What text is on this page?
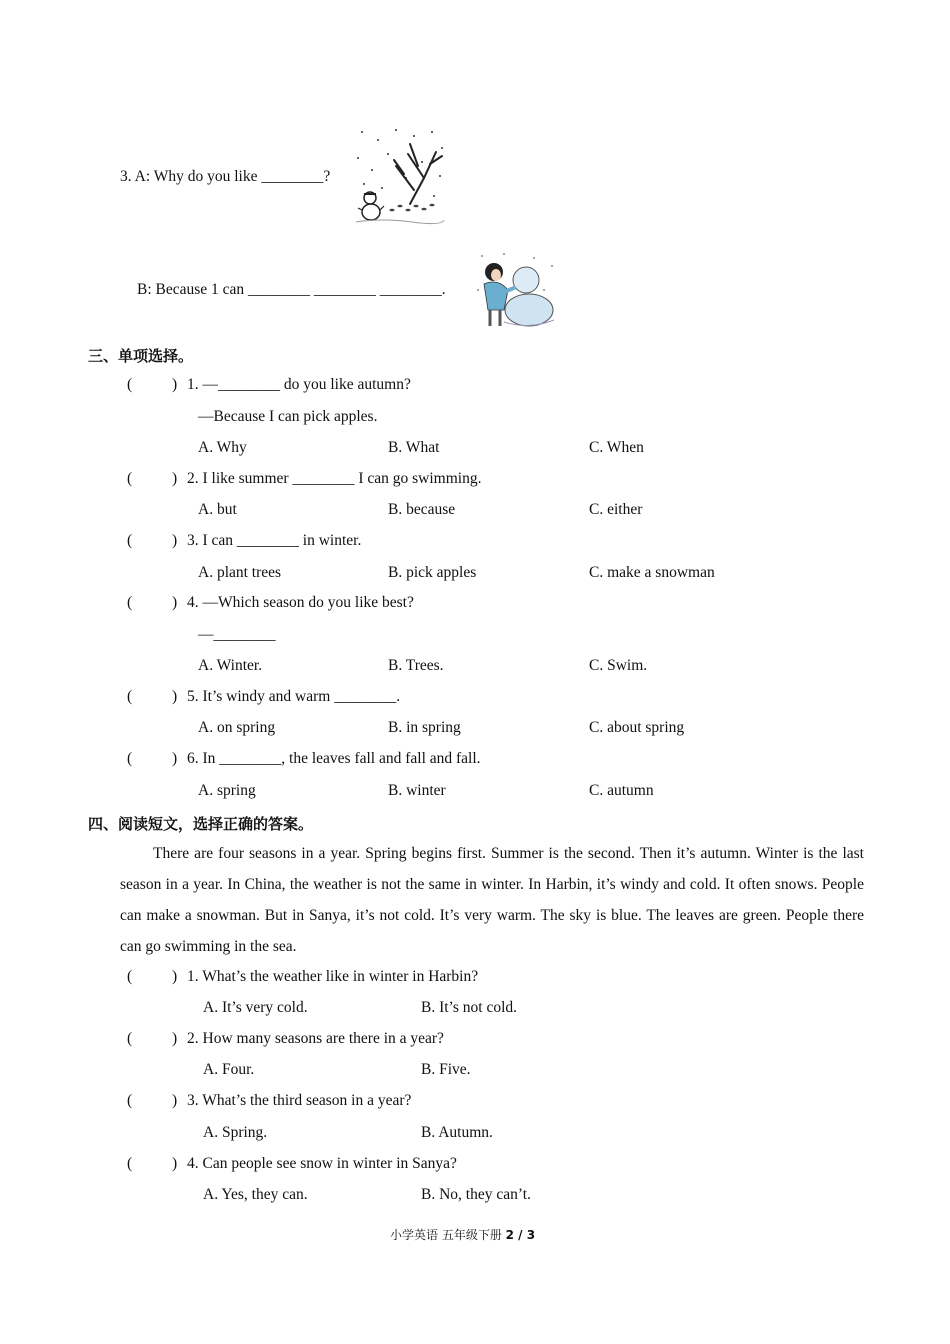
3. A: Why do you like ________?
B: Because 1 can ________ ________ ________.
三、单项选择。
(	) 1. —________ do you like autumn?
—Because I can pick apples.
A. Why	B. What	C. When
(	) 2. I like summer ________ I can go swimming.
A. but	B. because	C. either
(	) 3. I can ________ in winter.
A. plant trees	B. pick apples	C. make a snowman
(	) 4. —Which season do you like best?
—________
A. Winter.	B. Trees.	C. Swim.
(	) 5. It’s windy and warm ________.
A. on spring	B. in spring	C. about spring
(	) 6. In ________, the leaves fall and fall and fall.
A. spring	B. winter	C. autumn
四、阅读短文，选择正确的答案。
There are four seasons in a year. Spring begins first. Summer is the second. Then it’s autumn. Winter is the last season in a year. In China, the weather is not the same in winter. In Harbin, it’s windy and cold. It often snows. People can make a snowman. But in Sanya, it’s not cold. It’s very warm. The sky is blue. The leaves are green. People there can go swimming in the sea.
(	) 1. What’s the weather like in winter in Harbin?
A. It’s very cold.	B. It’s not cold.
(	) 2. How many seasons are there in a year?
A. Four.	B. Five.
(	) 3. What’s the third season in a year?
A. Spring.	B. Autumn.
(	) 4. Can people see snow in winter in Sanya?
A. Yes, they can.	B. No, they can’t.
小学英语 五年级下册 2 / 3
